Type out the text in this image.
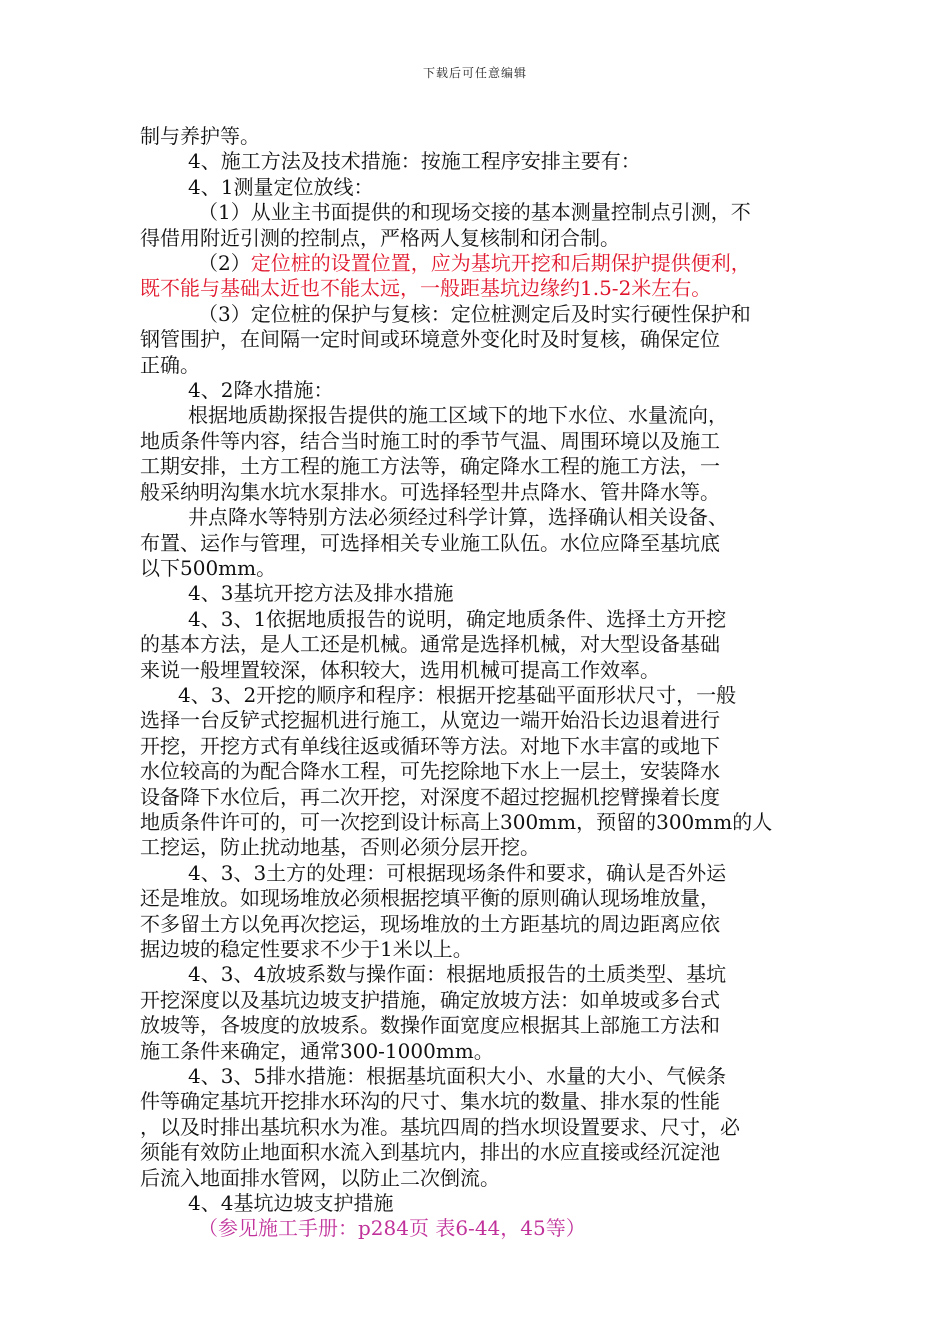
下载后可任意编辑

制与养护等。

4、施工方法及技术措施：按施工程序安排主要有：

4、1测量定位放线：

（1）从业主书面提供的和现场交接的基本测量控制点引测，不

得借用附近引测的控制点，严格两人复核制和闭合制。

（2）定位桩的设置位置，应为基坑开挖和后期保护提供便利，

既不能与基础太近也不能太远，一般距基坑边缘约1.5-2米左右。

（3）定位桩的保护与复核：定位桩测定后及时实行硬性保护和

钢管围护，在间隔一定时间或环境意外变化时及时复核，确保定位

正确。

4、2降水措施：

根据地质勘探报告提供的施工区域下的地下水位、水量流向，

地质条件等内容，结合当时施工时的季节气温、周围环境以及施工

工期安排，土方工程的施工方法等，确定降水工程的施工方法，一

般采纳明沟集水坑水泵排水。可选择轻型井点降水、管井降水等。

井点降水等特别方法必须经过科学计算，选择确认相关设备、

布置、运作与管理，可选择相关专业施工队伍。水位应降至基坑底

以下500mm。

4、3基坑开挖方法及排水措施

4、3、1依据地质报告的说明，确定地质条件、选择土方开挖

的基本方法，是人工还是机械。通常是选择机械，对大型设备基础

来说一般埋置较深，体积较大，选用机械可提高工作效率。

4、3、2开挖的顺序和程序：根据开挖基础平面形状尺寸，一般

选择一台反铲式挖掘机进行施工，从宽边一端开始沿长边退着进行

开挖，开挖方式有单线往返或循环等方法。对地下水丰富的或地下

水位较高的为配合降水工程，可先挖除地下水上一层土，安装降水

设备降下水位后，再二次开挖，对深度不超过挖掘机挖臂操着长度

地质条件许可的，可一次挖到设计标高上300mm，预留的300mm的人

工挖运，防止扰动地基，否则必须分层开挖。

4、3、3土方的处理：可根据现场条件和要求，确认是否外运

还是堆放。如现场堆放必须根据挖填平衡的原则确认现场堆放量，

不多留土方以免再次挖运，现场堆放的土方距基坑的周边距离应依

据边坡的稳定性要求不少于1米以上。

4、3、4放坡系数与操作面：根据地质报告的土质类型、基坑

开挖深度以及基坑边坡支护措施，确定放坡方法：如单坡或多台式

放坡等，各坡度的放坡系。数操作面宽度应根据其上部施工方法和

施工条件来确定，通常300-1000mm。

4、3、5排水措施：根据基坑面积大小、水量的大小、气候条

件等确定基坑开挖排水环沟的尺寸、集水坑的数量、排水泵的性能

，以及时排出基坑积水为准。基坑四周的挡水坝设置要求、尺寸，必

须能有效防止地面积水流入到基坑内，排出的水应直接或经沉淀池

后流入地面排水管网，以防止二次倒流。

4、4基坑边坡支护措施

（参见施工手册：p284页 表6-44，45等）
